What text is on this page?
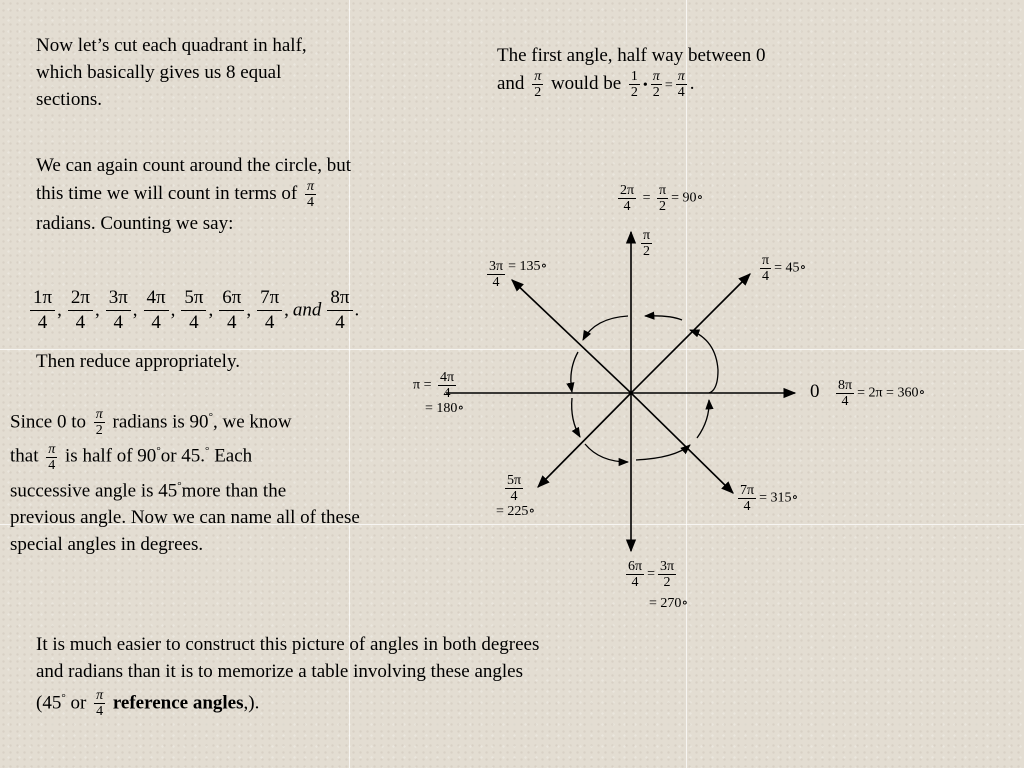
Now let’s cut each quadrant in half, which basically gives us 8 equal sections.
We can again count around the circle, but this time we will count in terms of $\frac{\pi}{4}$
radians. Counting we say:
$\frac{1\pi}{4}$ , $\frac{2\pi}{4}$ , $\frac{3\pi}{4}$ , $\frac{4\pi}{4}$ , $\frac{5\pi}{4}$ , $\frac{6\pi}{4}$ , $\frac{7\pi}{4}$ , and $\frac{8\pi}{4}$ .
Then reduce appropriately.
The first angle, half way between 0
and $\frac{\pi}{2}$ would be $\frac{1}{2}$ • $\frac{\pi}{2} = \frac{\pi}{4}$ .
Since 0 to $\frac{\pi}{2}$ radians is 90°, we know
that $\frac{\pi}{4}$ is half of 90°or 45.° Each
successive angle is 45°more than the
previous angle. Now we can name all of these special angles in degrees.
It is much easier to construct this picture of angles in both degrees and radians than it is to memorize a table involving these angles (45° or $\frac{\pi}{4}$ reference angles,).
$\frac{2\pi}{4} = \frac{\pi}{2}$ = 90∘
$\frac{\pi}{2}$
$\frac{\pi}{4}$ = 45∘
$\frac{3\pi}{4}$ = 135∘
$\pi = \frac{4\pi}{4}$

= 180∘
$0 \frac{8\pi}{4} = 2\pi$ = 360∘
$\frac{5\pi}{4}$

= 225∘	$\frac{7\pi}{4}$ = 315∘
$\frac{6\pi}{4} = \frac{3\pi}{2}$

= 270∘
